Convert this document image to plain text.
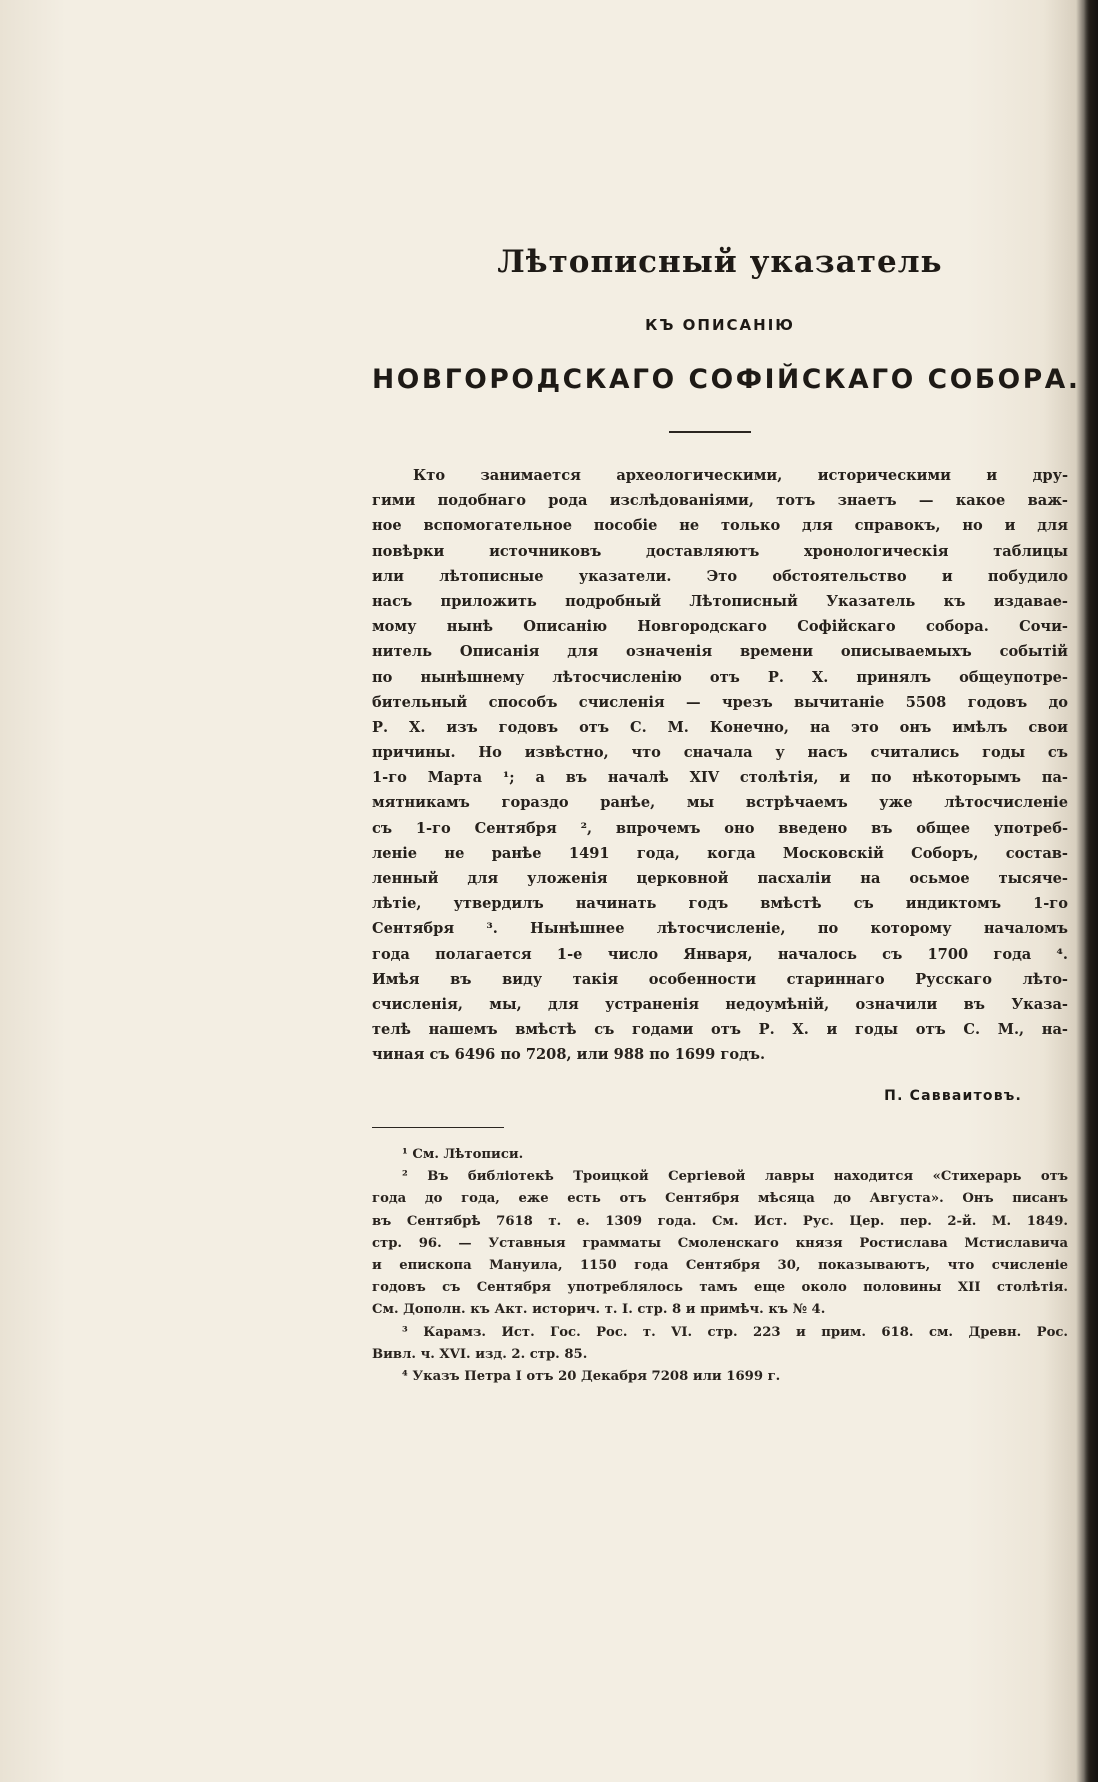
Лѣтописный указатель
КЪ ОПИСАНІЮ
НОВГОРОДСКАГО СОФІЙСКАГО СОБОРА.
Кто занимается археологическими, историческими и дру-
гими подобнаго рода изслѣдованіями, тотъ знаетъ — какое важ-
ное вспомогательное пособіе не только для справокъ, но и для
повѣрки источниковъ доставляютъ хронологическія таблицы
или лѣтописные указатели. Это обстоятельство и побудило
насъ приложить подробный Лѣтописный Указатель къ издавае-
мому нынѣ Описанію Новгородскаго Софійскаго собора. Сочи-
нитель Описанія для означенія времени описываемыхъ событій
по нынѣшнему лѣтосчисленію отъ Р. Х. принялъ общеупотре-
бительный способъ счисленія — чрезъ вычитаніе 5508 годовъ до
Р. Х. изъ годовъ отъ С. М. Конечно, на это онъ имѣлъ свои
причины. Но извѣстно, что сначала у насъ считались годы съ
1-го Марта ¹; а въ началѣ XIV столѣтія, и по нѣкоторымъ па-
мятникамъ гораздо ранѣе, мы встрѣчаемъ уже лѣтосчисленіе
съ 1-го Сентября ², впрочемъ оно введено въ общее употреб-
леніе не ранѣе 1491 года, когда Московскій Соборъ, состав-
ленный для уложенія церковной пасхаліи на осьмое тысяче-
лѣтіе, утвердилъ начинать годъ вмѣстѣ съ индиктомъ 1-го
Сентября ³. Нынѣшнее лѣтосчисленіе, по которому началомъ
года полагается 1-е число Января, началось съ 1700 года ⁴.
Имѣя въ виду такія особенности стариннаго Русскаго лѣто-
счисленія, мы, для устраненія недоумѣній, означили въ Указа-
телѣ нашемъ вмѣстѣ съ годами отъ Р. Х. и годы отъ С. М., на-
чиная съ 6496 по 7208, или 988 по 1699 годъ.
П. Савваитовъ.
¹ См. Лѣтописи.
² Въ библіотекѣ Троицкой Сергіевой лавры находится «Стихерарь отъ
года до года, еже есть отъ Сентября мѣсяца до Августа». Онъ писанъ
въ Сентябрѣ 7618 т. е. 1309 года. См. Ист. Рус. Цер. пер. 2-й. М. 1849.
стр. 96. — Уставныя грамматы Смоленскаго князя Ростислава Мстиславича
и епископа Мануила, 1150 года Сентября 30, показываютъ, что счисленіе
годовъ съ Сентября употреблялось тамъ еще около половины XII столѣтія.
См. Дополн. къ Акт. историч. т. I. стр. 8 и примѣч. къ № 4.
³ Карамз. Ист. Гос. Рос. т. VI. стр. 223 и прим. 618. см. Древн. Рос.
Вивл. ч. XVI. изд. 2. стр. 85.
⁴ Указъ Петра I отъ 20 Декабря 7208 или 1699 г.
